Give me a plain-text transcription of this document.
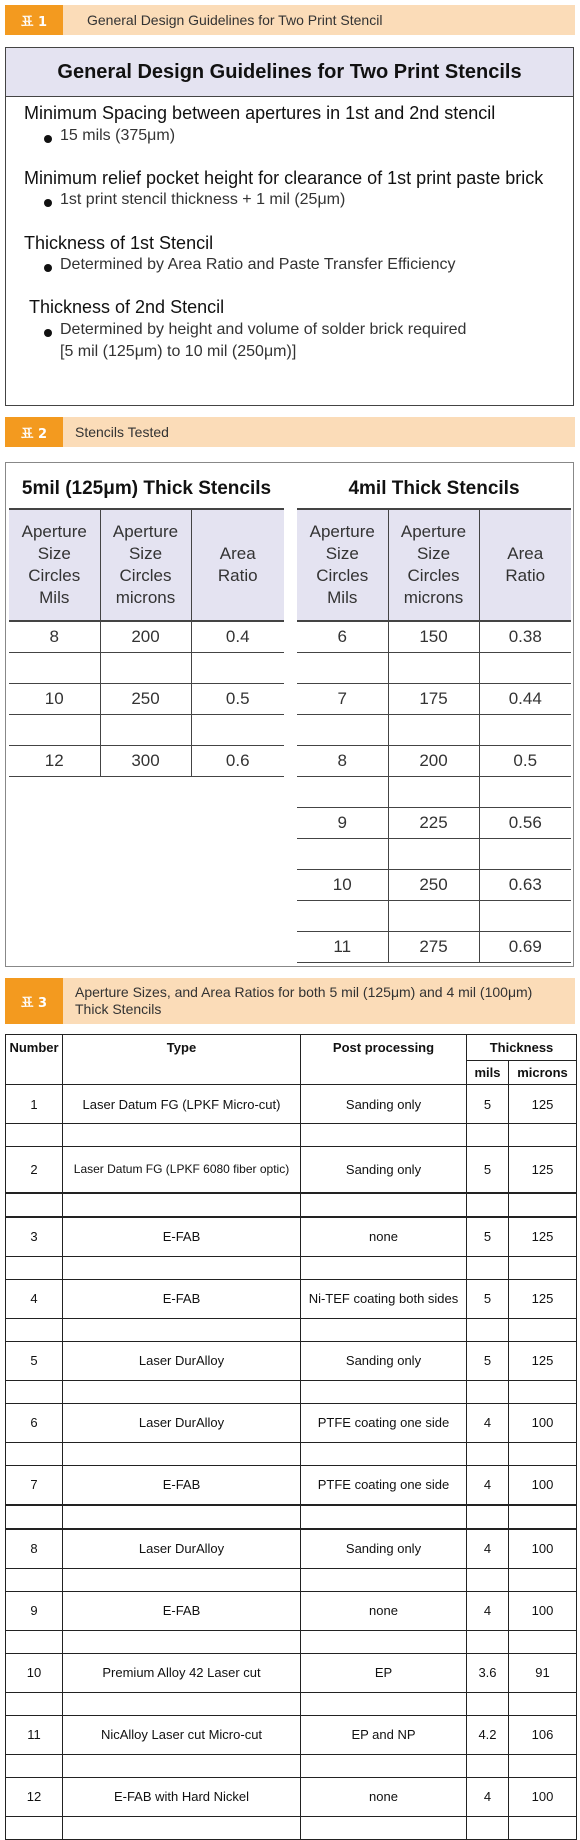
표 1	General Design Guidelines for Two Print Stencil
General Design Guidelines for Two Print Stencils
Minimum Spacing between apertures in 1st and 2nd stencil
15 mils (375μm)
Minimum relief pocket height for clearance of 1st print paste brick
1st print stencil thickness + 1 mil (25μm)
Thickness of 1st Stencil
Determined by Area Ratio and Paste Transfer Efficiency
Thickness of 2nd Stencil
Determined by height and volume of solder brick required
[5 mil (125μm) to 10 mil (250μm)]
표 2	Stencils Tested
5mil (125μm) Thick Stencils		
Aperture
Size
Circles
Mils	Aperture
Size
Circles
microns	Area
Ratio
8	200	0.4

10	250	0.5

12	300	0.6
4mil Thick Stencils		
Aperture
Size
Circles
Mils	Aperture
Size
Circles
microns	Area
Ratio
6	150	0.38

7	175	0.44

8	200	0.5

9	225	0.56

10	250	0.63

11	275	0.69
표 3
Aperture Sizes, and Area Ratios for both 5 mil (125μm) and 4 mil (100μm)
Thick Stencils
Number	Type	Post processing	Thickness	
			mils	microns
1	Laser Datum FG (LPKF Micro-cut)	Sanding only	5	125

2	Laser Datum FG (LPKF 6080 fiber optic)	Sanding only	5	125

3	E-FAB	none	5	125

4	E-FAB	Ni-TEF coating both sides	5	125

5	Laser DurAlloy	Sanding only	5	125

6	Laser DurAlloy	PTFE coating one side	4	100

7	E-FAB	PTFE coating one side	4	100

8	Laser DurAlloy	Sanding only	4	100

9	E-FAB	none	4	100

10	Premium Alloy 42 Laser cut	EP	3.6	91

11	NicAlloy Laser cut Micro-cut	EP and NP	4.2	106

12	E-FAB with Hard Nickel	none	4	100
